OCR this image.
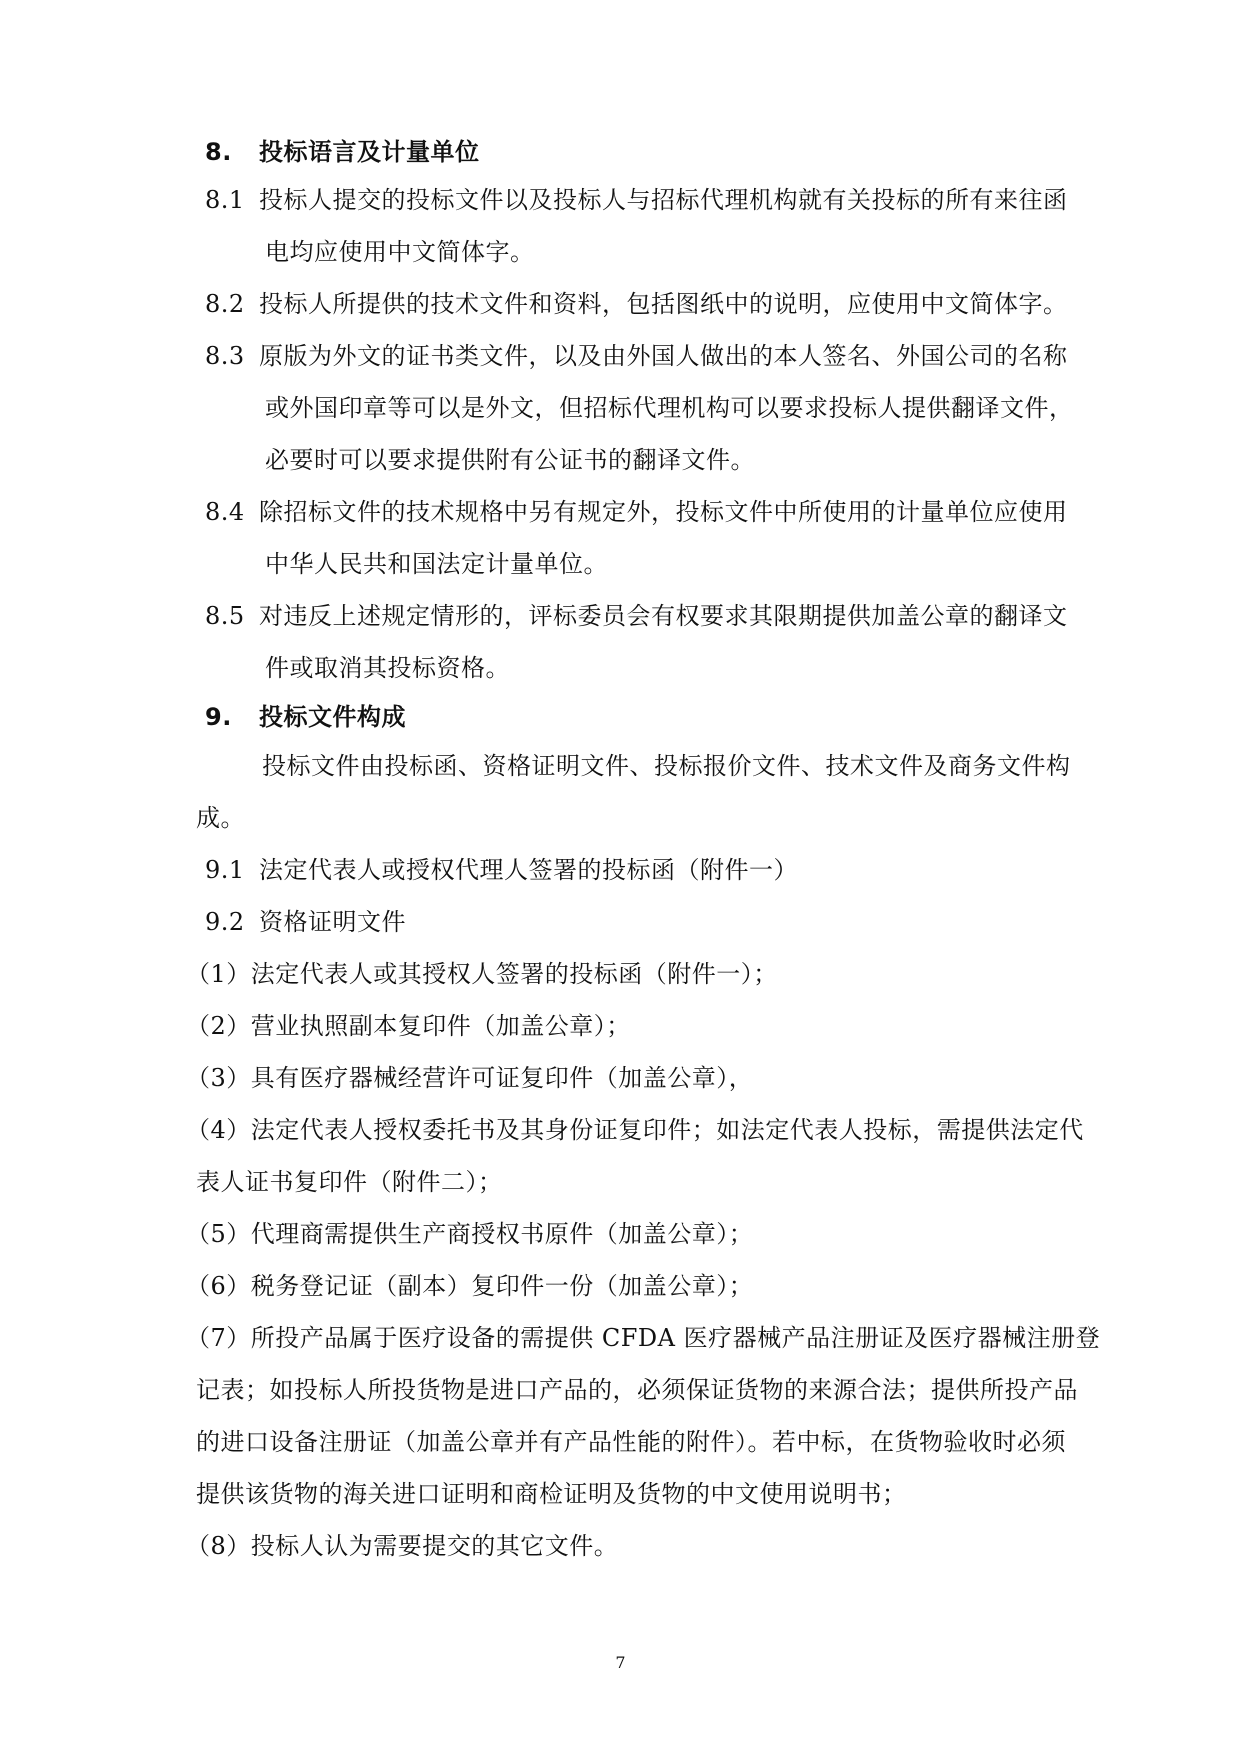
8. 投标语言及计量单位
8.1 投标人提交的投标文件以及投标人与招标代理机构就有关投标的所有来往函
电均应使用中文简体字。
8.2 投标人所提供的技术文件和资料，包括图纸中的说明，应使用中文简体字。
8.3 原版为外文的证书类文件，以及由外国人做出的本人签名、外国公司的名称
或外国印章等可以是外文，但招标代理机构可以要求投标人提供翻译文件，
必要时可以要求提供附有公证书的翻译文件。
8.4 除招标文件的技术规格中另有规定外，投标文件中所使用的计量单位应使用
中华人民共和国法定计量单位。
8.5 对违反上述规定情形的，评标委员会有权要求其限期提供加盖公章的翻译文
件或取消其投标资格。
9. 投标文件构成
投标文件由投标函、资格证明文件、投标报价文件、技术文件及商务文件构
成。
9.1 法定代表人或授权代理人签署的投标函（附件一）
9.2 资格证明文件
（1）法定代表人或其授权人签署的投标函（附件一）；
（2）营业执照副本复印件（加盖公章）；
（3）具有医疗器械经营许可证复印件（加盖公章），
（4）法定代表人授权委托书及其身份证复印件；如法定代表人投标，需提供法定代
表人证书复印件（附件二）；
（5）代理商需提供生产商授权书原件（加盖公章）；
（6）税务登记证（副本）复印件一份（加盖公章）；
（7）所投产品属于医疗设备的需提供 CFDA 医疗器械产品注册证及医疗器械注册登
记表；如投标人所投货物是进口产品的，必须保证货物的来源合法；提供所投产品
的进口设备注册证（加盖公章并有产品性能的附件）。若中标，在货物验收时必须
提供该货物的海关进口证明和商检证明及货物的中文使用说明书；
（8）投标人认为需要提交的其它文件。
7
